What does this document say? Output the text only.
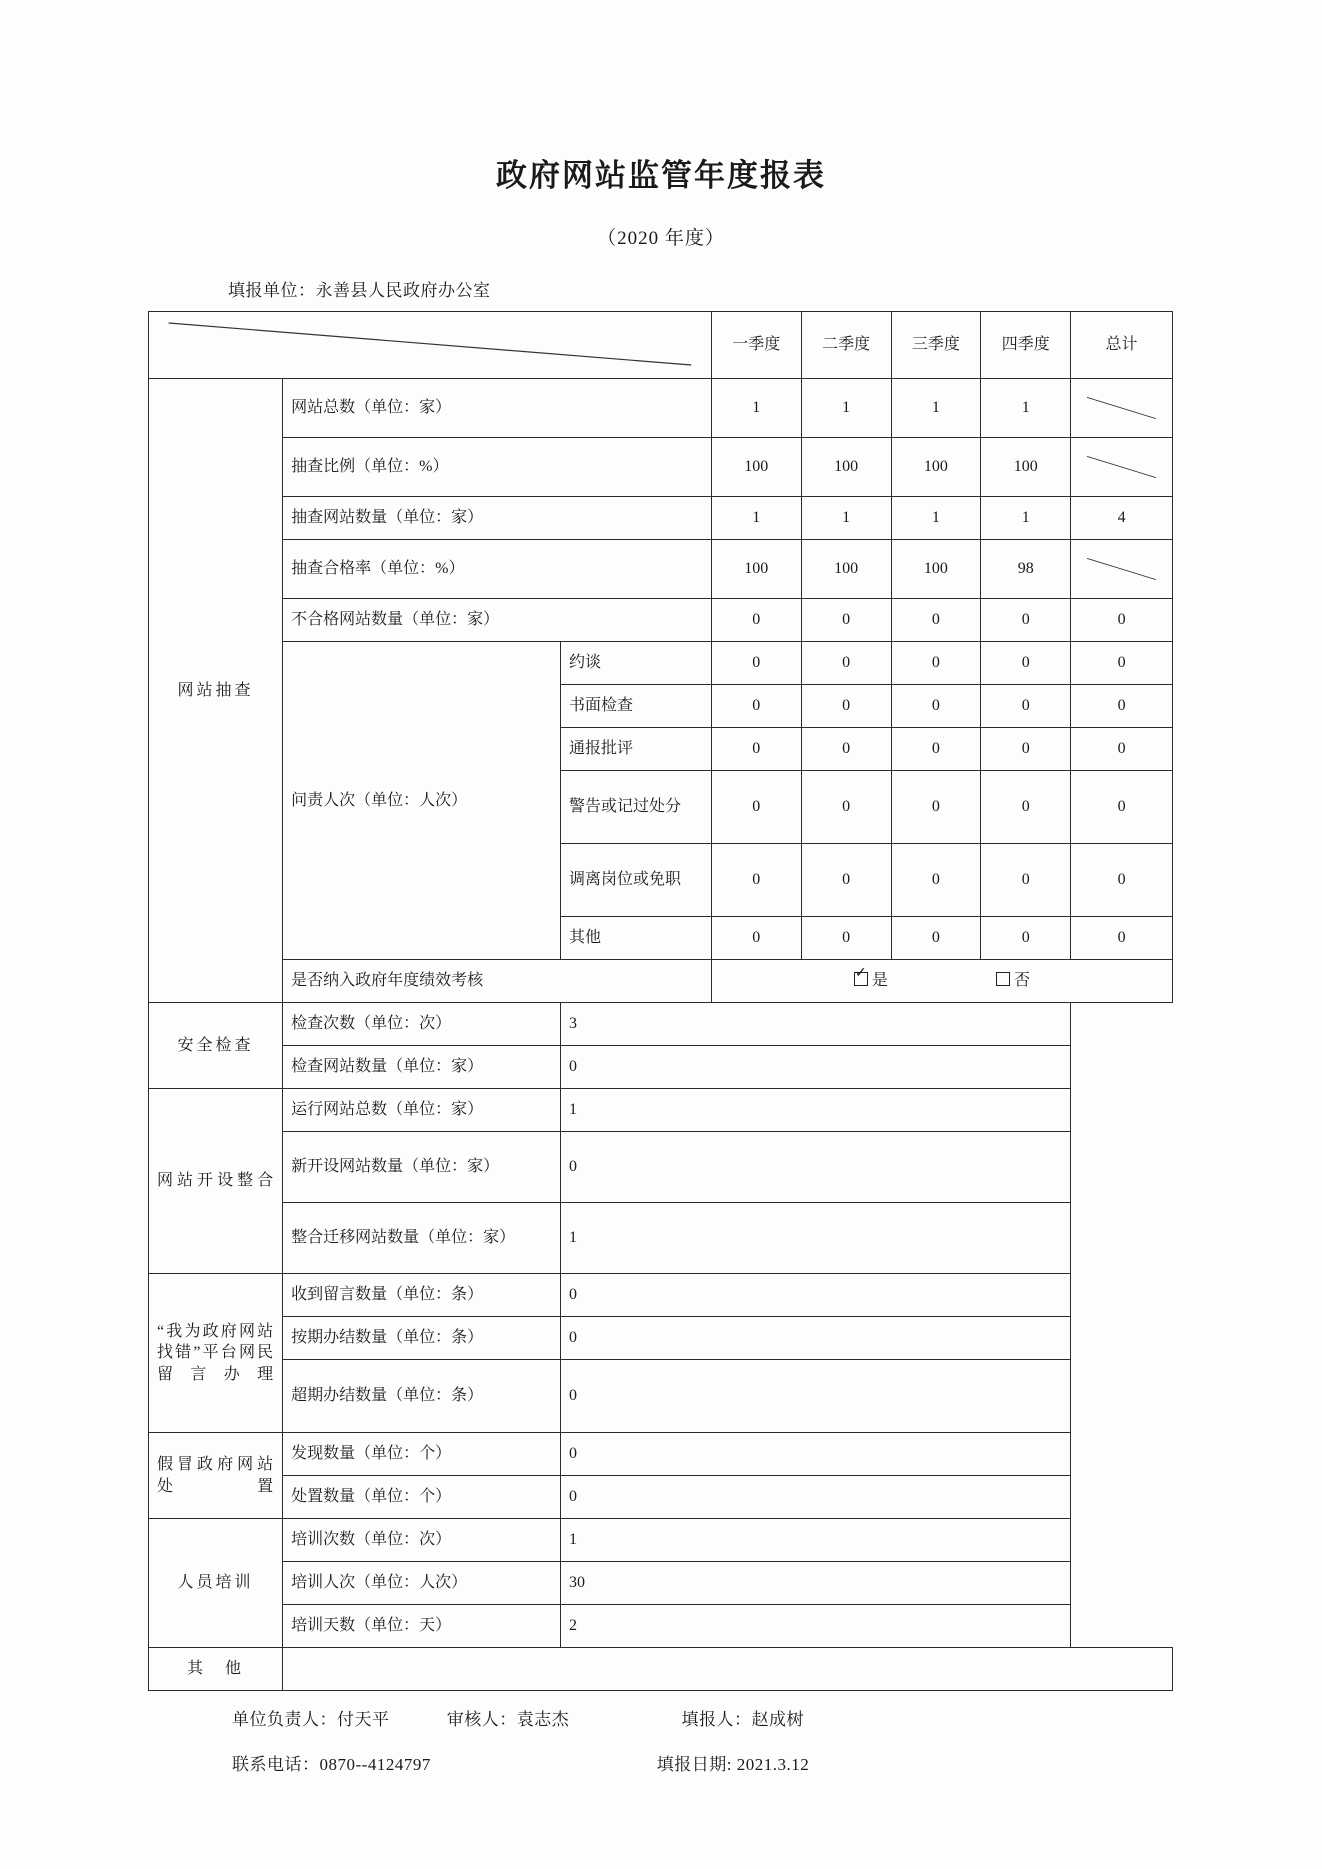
政府网站监管年度报表
（2020 年度）
填报单位：永善县人民政府办公室
	一季度	二季度	三季度	四季度	总计
网站抽查	网站总数（单位：家）		1	1	1	1	

	抽查比例（单位：%）		100	100	100	100	

	抽查网站数量（单位：家）		1	1	1	1	4
	抽查合格率（单位：%）		100	100	100	98	

	不合格网站数量（单位：家）		0	0	0	0	0
	问责人次（单位：人次）	约谈	0	0	0	0	0
		书面检查	0	0	0	0	0
		通报批评	0	0	0	0	0
		警告或记过处分	0	0	0	0	0
		调离岗位或免职	0	0	0	0	0
		其他	0	0	0	0	0
	是否纳入政府年度绩效考核	✓是 否
安全检查	检查次数（单位：次）	3					
	检查网站数量（单位：家）	0					
网站开设整合	运行网站总数（单位：家）	1					
	新开设网站数量（单位：家）	0					
	整合迁移网站数量（单位：家）	1					
“我为政府网站找错”平台网民留言办理	收到留言数量（单位：条）	0					
	按期办结数量（单位：条）	0					
	超期办结数量（单位：条）	0					
假冒政府网站处置	发现数量（单位：个）	0					
	处置数量（单位：个）	0					
人员培训	培训次数（单位：次）	1					
	培训人次（单位：人次）	30					
	培训天数（单位：天）	2					
其　他							
单位负责人：付天平	审核人：袁志杰	填报人：赵成树
联系电话：0870--4124797	填报日期: 2021.3.12
